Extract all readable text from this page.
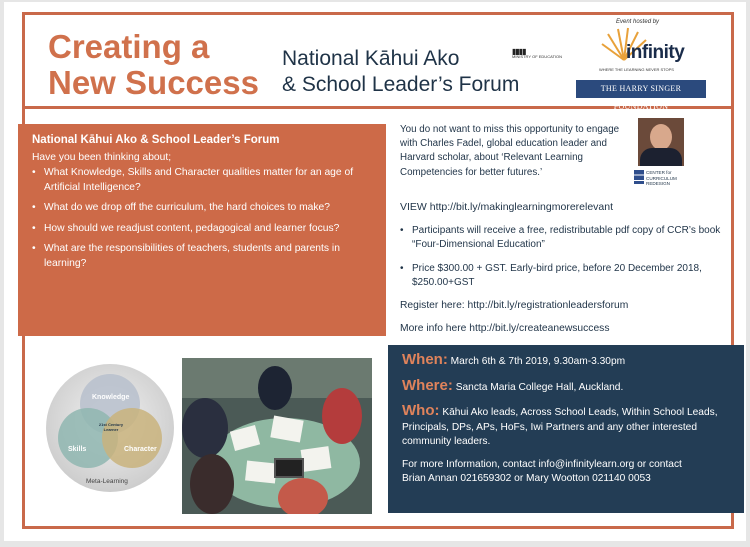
Creating a
New Success
National Kāhui Ako
& School Leader’s Forum
▮▮▮▮
MINISTRY OF EDUCATION
Event hosted by
infinity
WHERE THE LEARNING NEVER STOPS
THE HARRY SINGER FOUNDATION
National Kāhui Ako & School Leader’s Forum
Have you been thinking about;
• What Knowledge, Skills and Character qualities matter for an age of Artificial Intelligence?
• What do we drop off the curriculum, the hard choices to make?
• How should we readjust content, pedagogical and learner focus?
• What are the responsibilities of teachers, students and parents in learning?
You do not want to miss this opportunity to engage with Charles Fadel, global education leader and Harvard scholar, about ‘Relevant Learning Competencies for better futures.’	CENTER for CURRICULUM REDESIGN
VIEW http://bit.ly/makinglearningmorerelevant
• Participants will receive a free, redistributable pdf copy of CCR’s book “Four-Dimensional Education”
• Price $300.00 + GST. Early-bird price, before 20 December 2018, $250.00+GST
Register here: http://bit.ly/registrationleadersforum
More info here http://bit.ly/createanewsuccess
When: March 6th & 7th 2019, 9.30am-3.30pm
Where: Sancta Maria College Hall, Auckland.
Who: Kāhui Ako leads, Across School Leads, Within School Leads, Principals, DPs, APs, HoFs, Iwi Partners and any other interested community leaders.
For more Information, contact info@infinitylearn.org or contact Brian Annan 021659302 or Mary Wootton 021140 0053
Knowledge
Skills	Character
21st Century Learner
Meta-Learning
